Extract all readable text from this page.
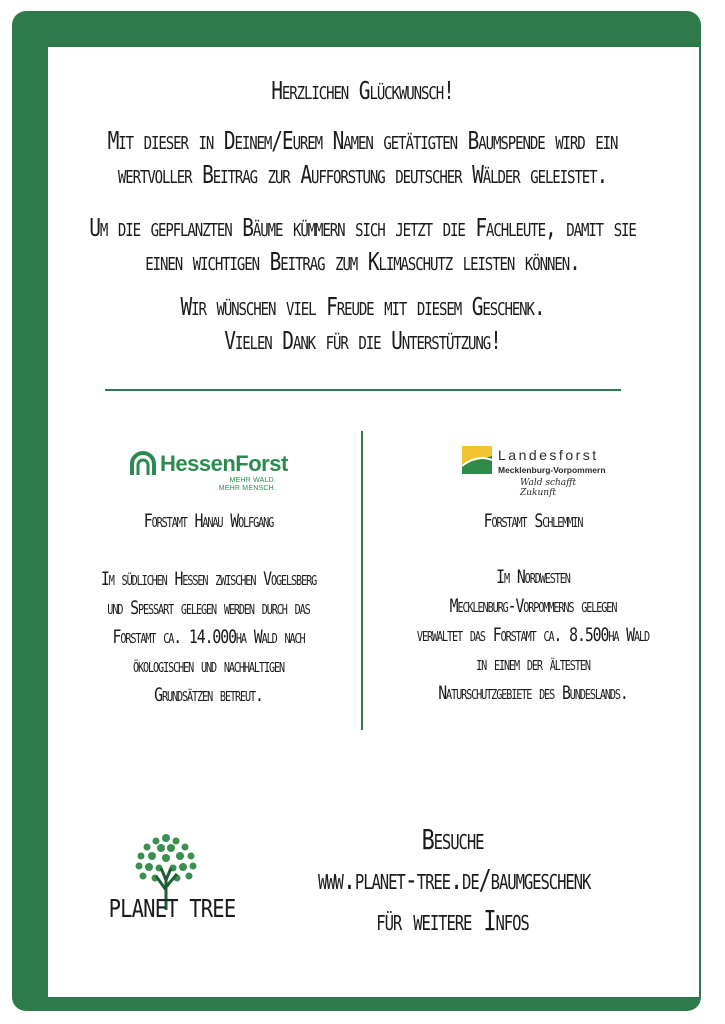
Herzlichen Glückwunsch!
Mit dieser in Deinem/Eurem Namen getätigten Baumspende wird ein
wertvoller Beitrag zur Aufforstung deutscher Wälder geleistet.
Um die gepflanzten Bäume kümmern sich jetzt die Fachleute, damit sie
einen wichtigen Beitrag zum Klimaschutz leisten können.
Wir wünschen viel Freude mit diesem Geschenk.
Vielen Dank für die Unterstützung!
HessenForst
MEHR WALD.
MEHR MENSCH.
Forstamt Hanau Wolfgang
Im südlichen Hessen zwischen Vogelsberg
und Spessart gelegen werden durch das
Forstamt ca. 14.000ha Wald nach
ökologischen und nachhaltigen
Grundsätzen betreut.
Landesforst
Mecklenburg-Vorpommern
Wald schafft Zukunft
Forstamt Schlemmin
Im Nordwesten
Mecklenburg-Vorpommerns gelegen
verwaltet das Forstamt ca. 8.500ha Wald
in einem der ältesten
Naturschutzgebiete des Bundeslands.
PLANET TREE
Besuche
www.planet-tree.de/baumgeschenk
für weitere Infos
